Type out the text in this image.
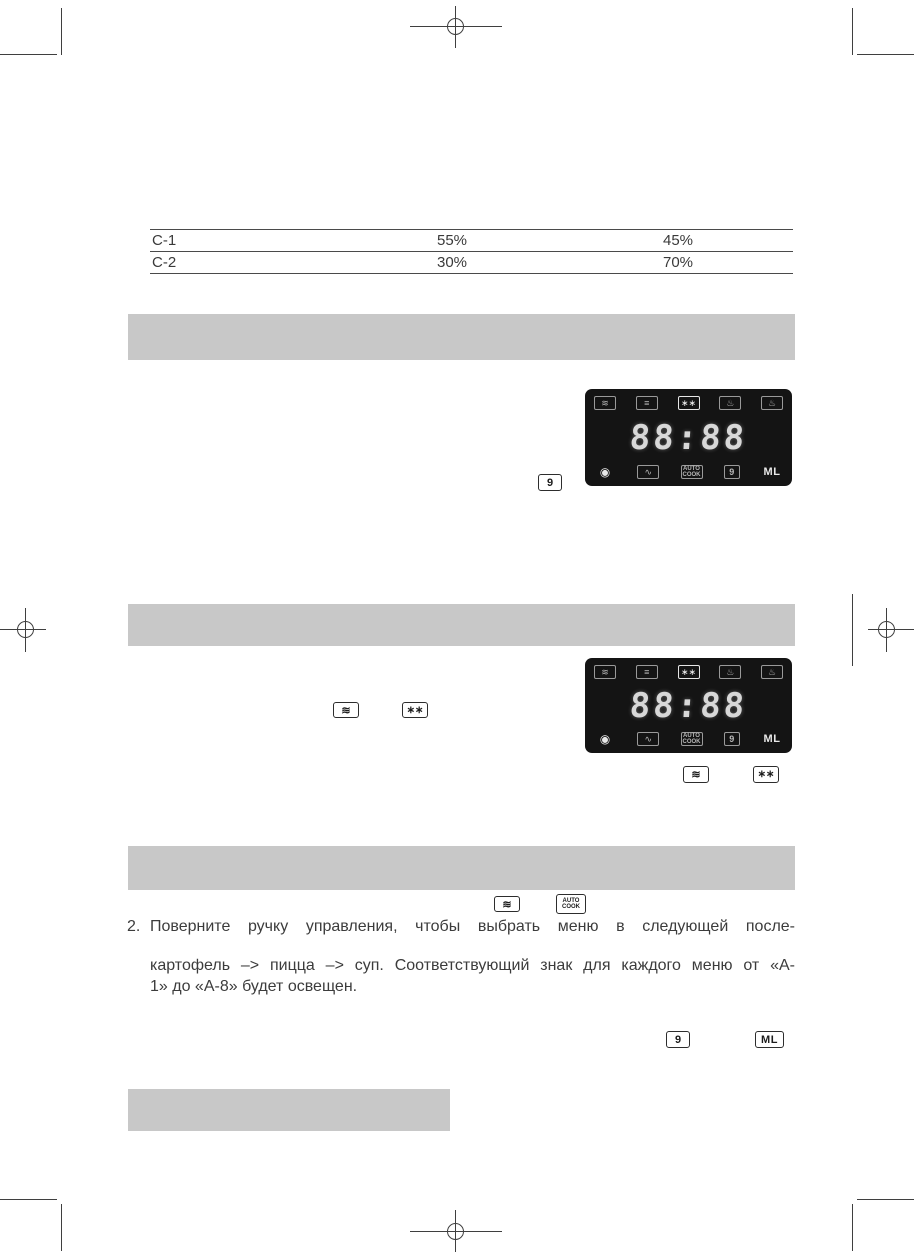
C-1	55%	45%
C-2	30%	70%
≋	≡	∗∗	♨	♨
88:88
◉	∿	AUTO
COOK	9	ML
9
≋	∗∗
≋	≡	∗∗	♨	♨
88:88
◉	∿	AUTO
COOK	9	ML
≋	∗∗
≋	AUTO
COOK
2. Поверните ручку управления, чтобы выбрать меню в следующей после-
картофель –> пицца –> суп. Соответствующий знак для каждого меню от «А-
1» до «А-8» будет освещен.
9	ML
